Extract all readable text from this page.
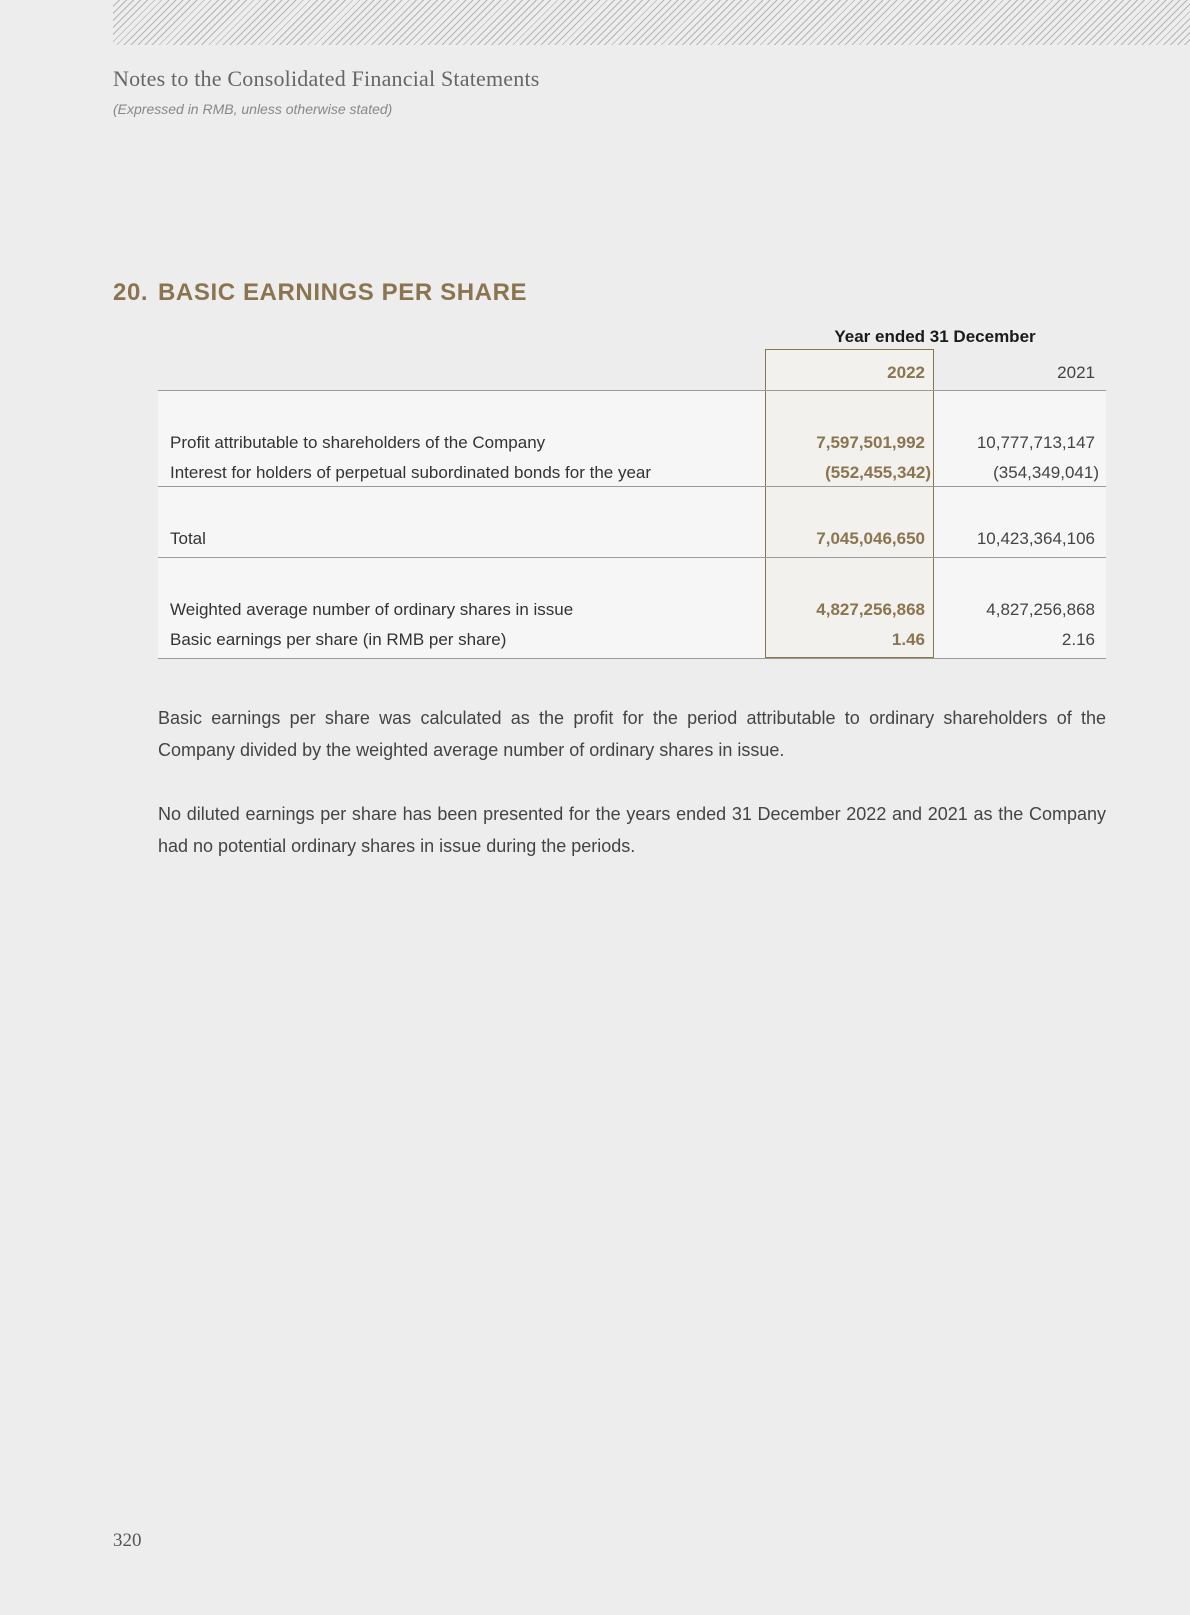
Notes to the Consolidated Financial Statements
(Expressed in RMB, unless otherwise stated)
20. BASIC EARNINGS PER SHARE
Year ended 31 December
2022	2021
Profit attributable to shareholders of the Company	7,597,501,992	10,777,713,147
Interest for holders of perpetual subordinated bonds for the year	(552,455,342)	(354,349,041)
Total	7,045,046,650	10,423,364,106
Weighted average number of ordinary shares in issue	4,827,256,868	4,827,256,868
Basic earnings per share (in RMB per share)	1.46	2.16

Basic earnings per share was calculated as the profit for the period attributable to ordinary shareholders of the Company divided by the weighted average number of ordinary shares in issue.

No diluted earnings per share has been presented for the years ended 31 December 2022 and 2021 as the Company had no potential ordinary shares in issue during the periods.

320
